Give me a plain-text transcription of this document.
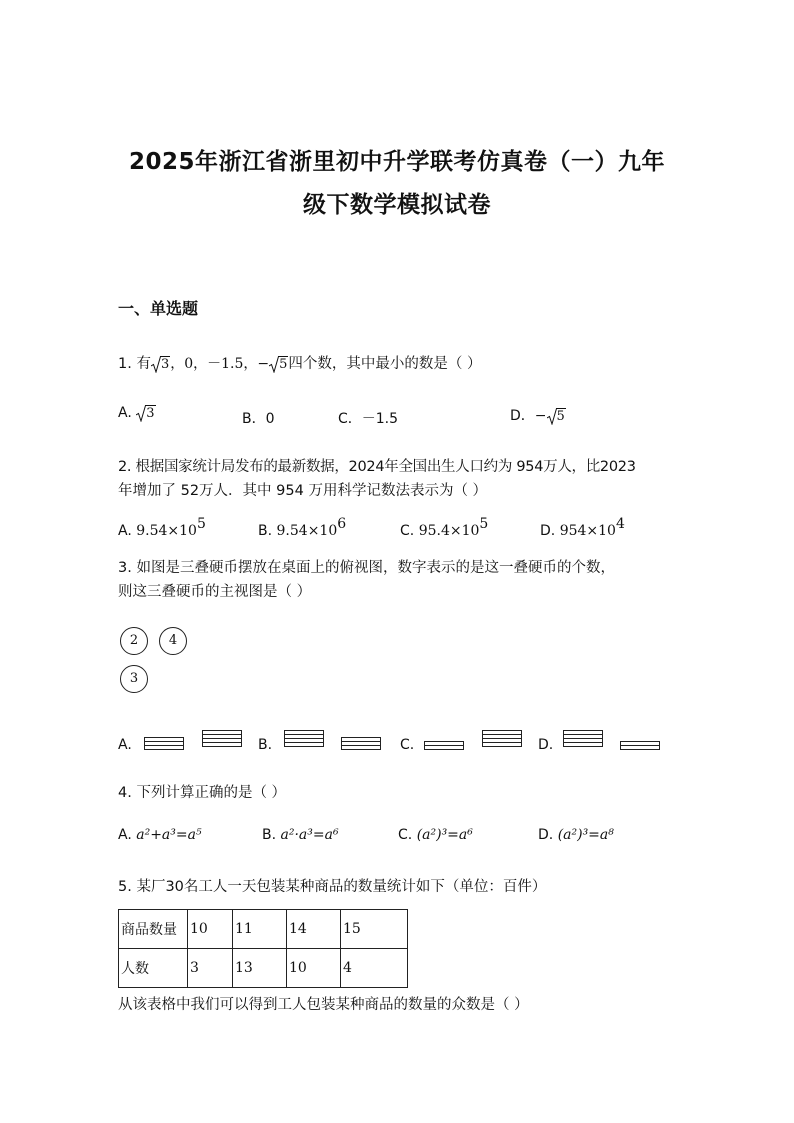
2025年浙江省浙里初中升学联考仿真卷（一）九年
级下数学模拟试卷
一、单选题
1. 有 3，0，－1.5，− 5四个数，其中最小的数是（ ）
A. 3	B．0	C．－1.5	D．− 5
2. 根据国家统计局发布的最新数据，2024年全国出生人口约为 954万人，比2023
年增加了 52万人．其中 954 万用科学记数法表示为（ ）
A. $9.54\times 10^5$	B. $9.54\times 10^6$	C. $95.4\times 10^5$	D. $954\times 10^4$
3. 如图是三叠硬币摆放在桌面上的俯视图，数字表示的是这一叠硬币的个数，
则这三叠硬币的主视图是（ ）
2	4
3
A.	B.	C.	D.
4. 下列计算正确的是（ ）
A. a²+a³=a⁵	B. a²·a³=a⁶	C. (a²)³=a⁶	D. (a²)³=a⁸
5. 某厂30名工人一天包装某种商品的数量统计如下（单位：百件）
商品数量	10	11	14	15
人数	3	13	10	4
从该表格中我们可以得到工人包装某种商品的数量的众数是（ ）
